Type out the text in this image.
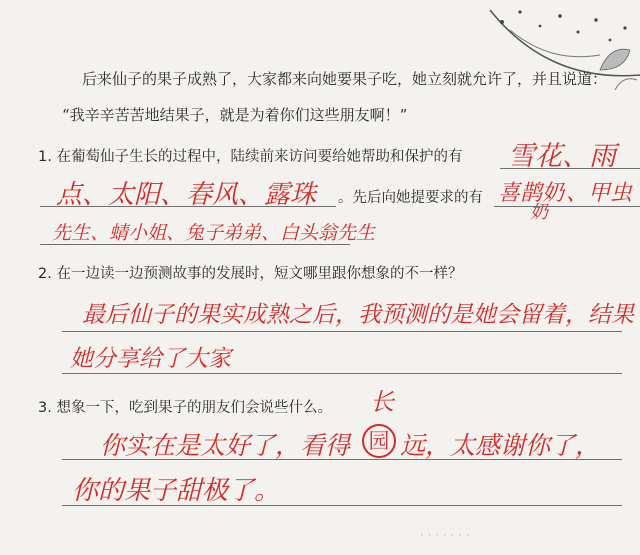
后来仙子的果子成熟了，大家都来向她要果子吃，她立刻就允许了，并且说道：
“我辛辛苦苦地结果子，就是为着你们这些朋友啊！”
1. 在葡萄仙子生长的过程中，陆续前来访问要给她帮助和保护的有 雪花、雨
点、太阳、春风、露珠 。先后向她提要求的有 喜鹊奶
奶
、甲虫
先生、蜻小姐、兔子弟弟、白头翁先生
2. 在一边读一边预测故事的发展时，短文哪里跟你想象的不一样？
最后仙子的果实成熟之后，我预测的是她会留着，结果
她分享给了大家
3. 想象一下，吃到果子的朋友们会说些什么。 长
你实在是太好了，看得 园 远，太感谢你了，
你的果子甜极了。
· · · · · · ·
